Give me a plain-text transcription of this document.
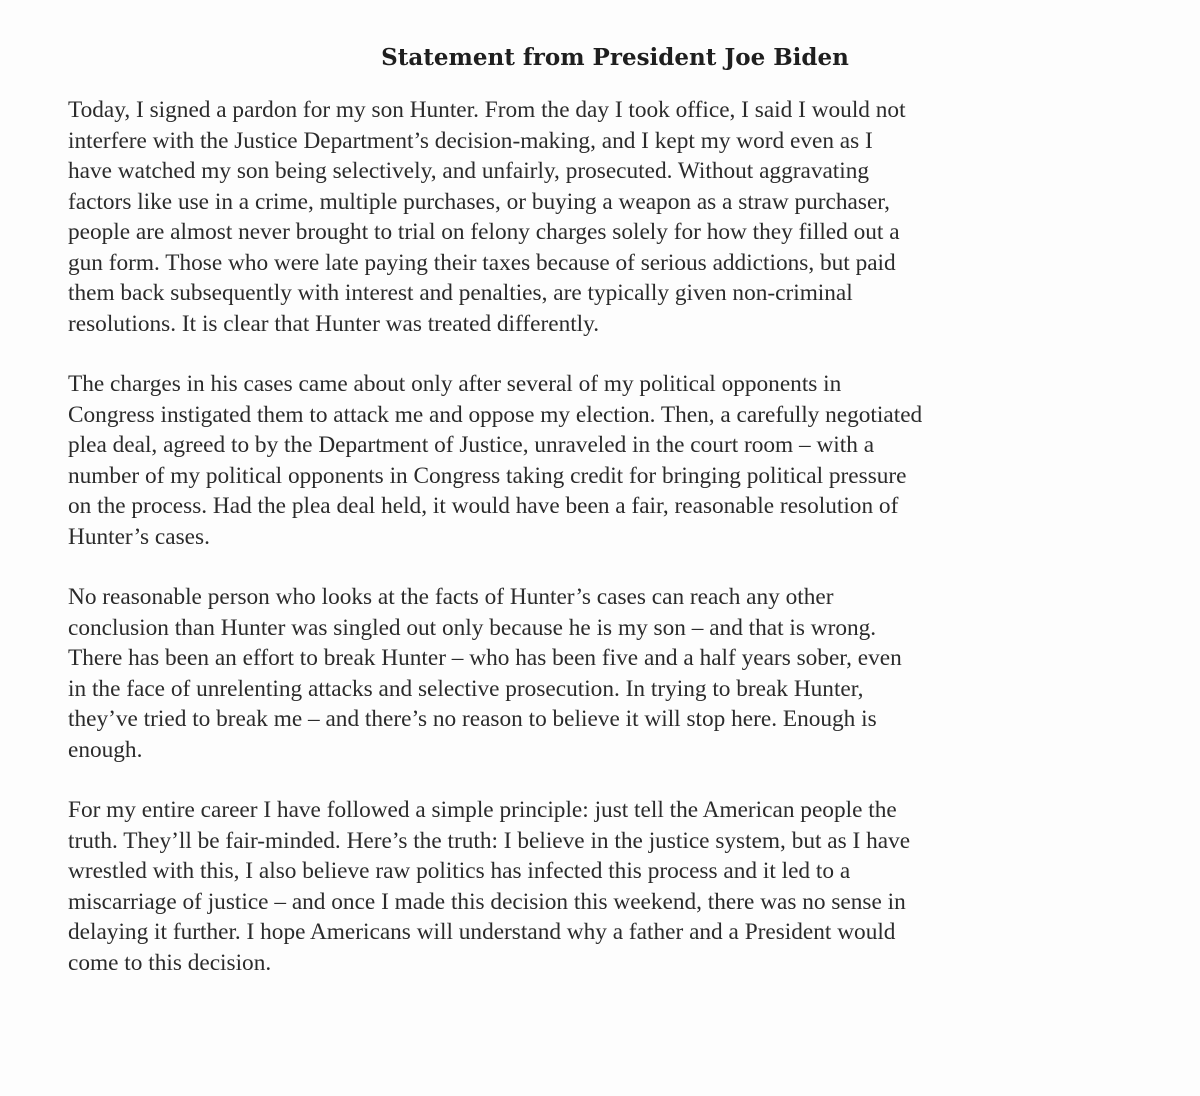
Statement from President Joe Biden

Today, I signed a pardon for my son Hunter. From the day I took office, I said I would not
interfere with the Justice Department’s decision-making, and I kept my word even as I
have watched my son being selectively, and unfairly, prosecuted. Without aggravating
factors like use in a crime, multiple purchases, or buying a weapon as a straw purchaser,
people are almost never brought to trial on felony charges solely for how they filled out a
gun form. Those who were late paying their taxes because of serious addictions, but paid
them back subsequently with interest and penalties, are typically given non-criminal
resolutions. It is clear that Hunter was treated differently.

The charges in his cases came about only after several of my political opponents in
Congress instigated them to attack me and oppose my election. Then, a carefully negotiated
plea deal, agreed to by the Department of Justice, unraveled in the court room – with a
number of my political opponents in Congress taking credit for bringing political pressure
on the process. Had the plea deal held, it would have been a fair, reasonable resolution of
Hunter’s cases.

No reasonable person who looks at the facts of Hunter’s cases can reach any other
conclusion than Hunter was singled out only because he is my son – and that is wrong.
There has been an effort to break Hunter – who has been five and a half years sober, even
in the face of unrelenting attacks and selective prosecution. In trying to break Hunter,
they’ve tried to break me – and there’s no reason to believe it will stop here. Enough is
enough.

For my entire career I have followed a simple principle: just tell the American people the
truth. They’ll be fair-minded. Here’s the truth: I believe in the justice system, but as I have
wrestled with this, I also believe raw politics has infected this process and it led to a
miscarriage of justice – and once I made this decision this weekend, there was no sense in
delaying it further. I hope Americans will understand why a father and a President would
come to this decision.
